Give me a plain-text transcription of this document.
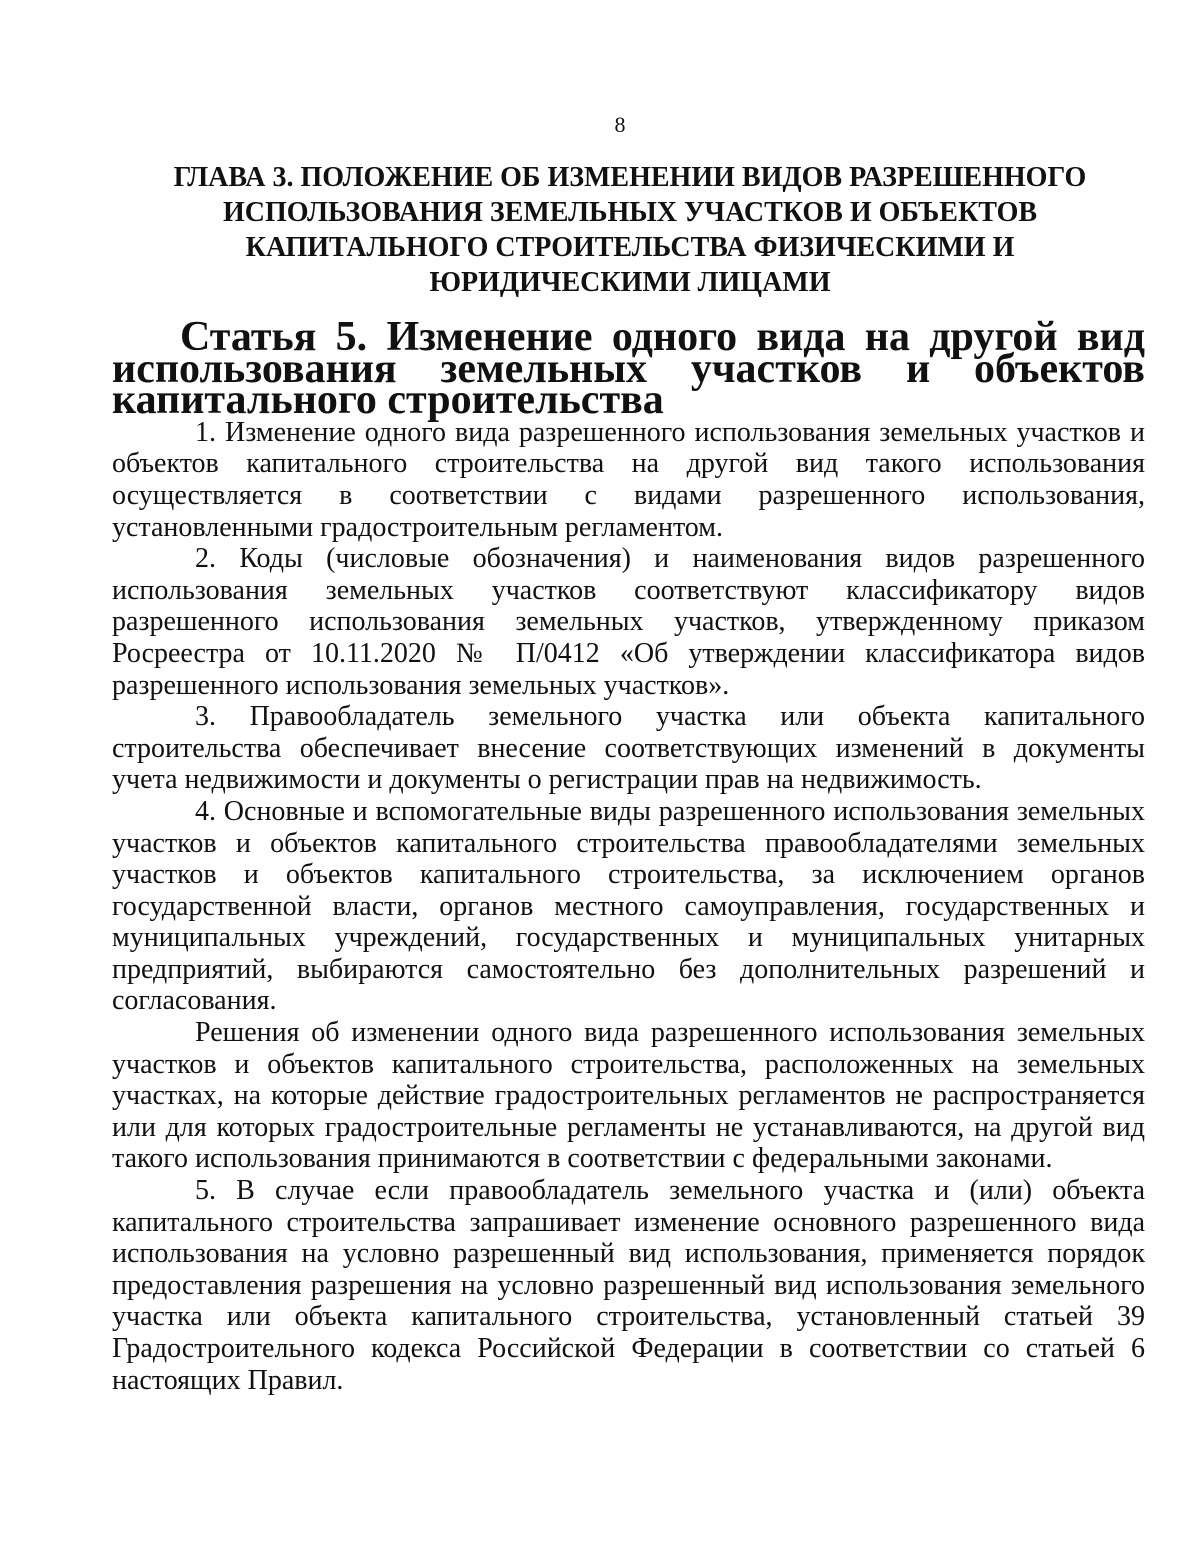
8
ГЛАВА 3. ПОЛОЖЕНИЕ ОБ ИЗМЕНЕНИИ ВИДОВ РАЗРЕШЕННОГО
ИСПОЛЬЗОВАНИЯ ЗЕМЕЛЬНЫХ УЧАСТКОВ И ОБЪЕКТОВ
КАПИТАЛЬНОГО СТРОИТЕЛЬСТВА ФИЗИЧЕСКИМИ И
ЮРИДИЧЕСКИМИ ЛИЦАМИ
Статья 5. Изменение одного вида на другой вид использования земельных участков и объектов капитального строительства

1. Изменение одного вида разрешенного использования земельных участков и объектов капитального строительства на другой вид такого использования осуществляется в соответствии с видами разрешенного использования, установленными градостроительным регламентом.

2. Коды (числовые обозначения) и наименования видов разрешенного использования земельных участков соответствуют классификатору видов разрешенного использования земельных участков, утвержденному приказом Росреестра от 10.11.2020 № П/0412 «Об утверждении классификатора видов разрешенного использования земельных участков».

3. Правообладатель земельного участка или объекта капитального строительства обеспечивает внесение соответствующих изменений в документы учета недвижимости и документы о регистрации прав на недвижимость.

4. Основные и вспомогательные виды разрешенного использования земельных участков и объектов капитального строительства правообладателями земельных участков и объектов капитального строительства, за исключением органов государственной власти, органов местного самоуправления, государственных и муниципальных учреждений, государственных и муниципальных унитарных предприятий, выбираются самостоятельно без дополнительных разрешений и согласования.

Решения об изменении одного вида разрешенного использования земельных участков и объектов капитального строительства, расположенных на земельных участках, на которые действие градостроительных регламентов не распространяется или для которых градостроительные регламенты не устанавливаются, на другой вид такого использования принимаются в соответствии с федеральными законами.

5. В случае если правообладатель земельного участка и (или) объекта капитального строительства запрашивает изменение основного разрешенного вида использования на условно разрешенный вид использования, применяется порядок предоставления разрешения на условно разрешенный вид использования земельного участка или объекта капитального строительства, установленный статьей 39 Градостроительного кодекса Российской Федерации в соответствии со статьей 6 настоящих Правил.
